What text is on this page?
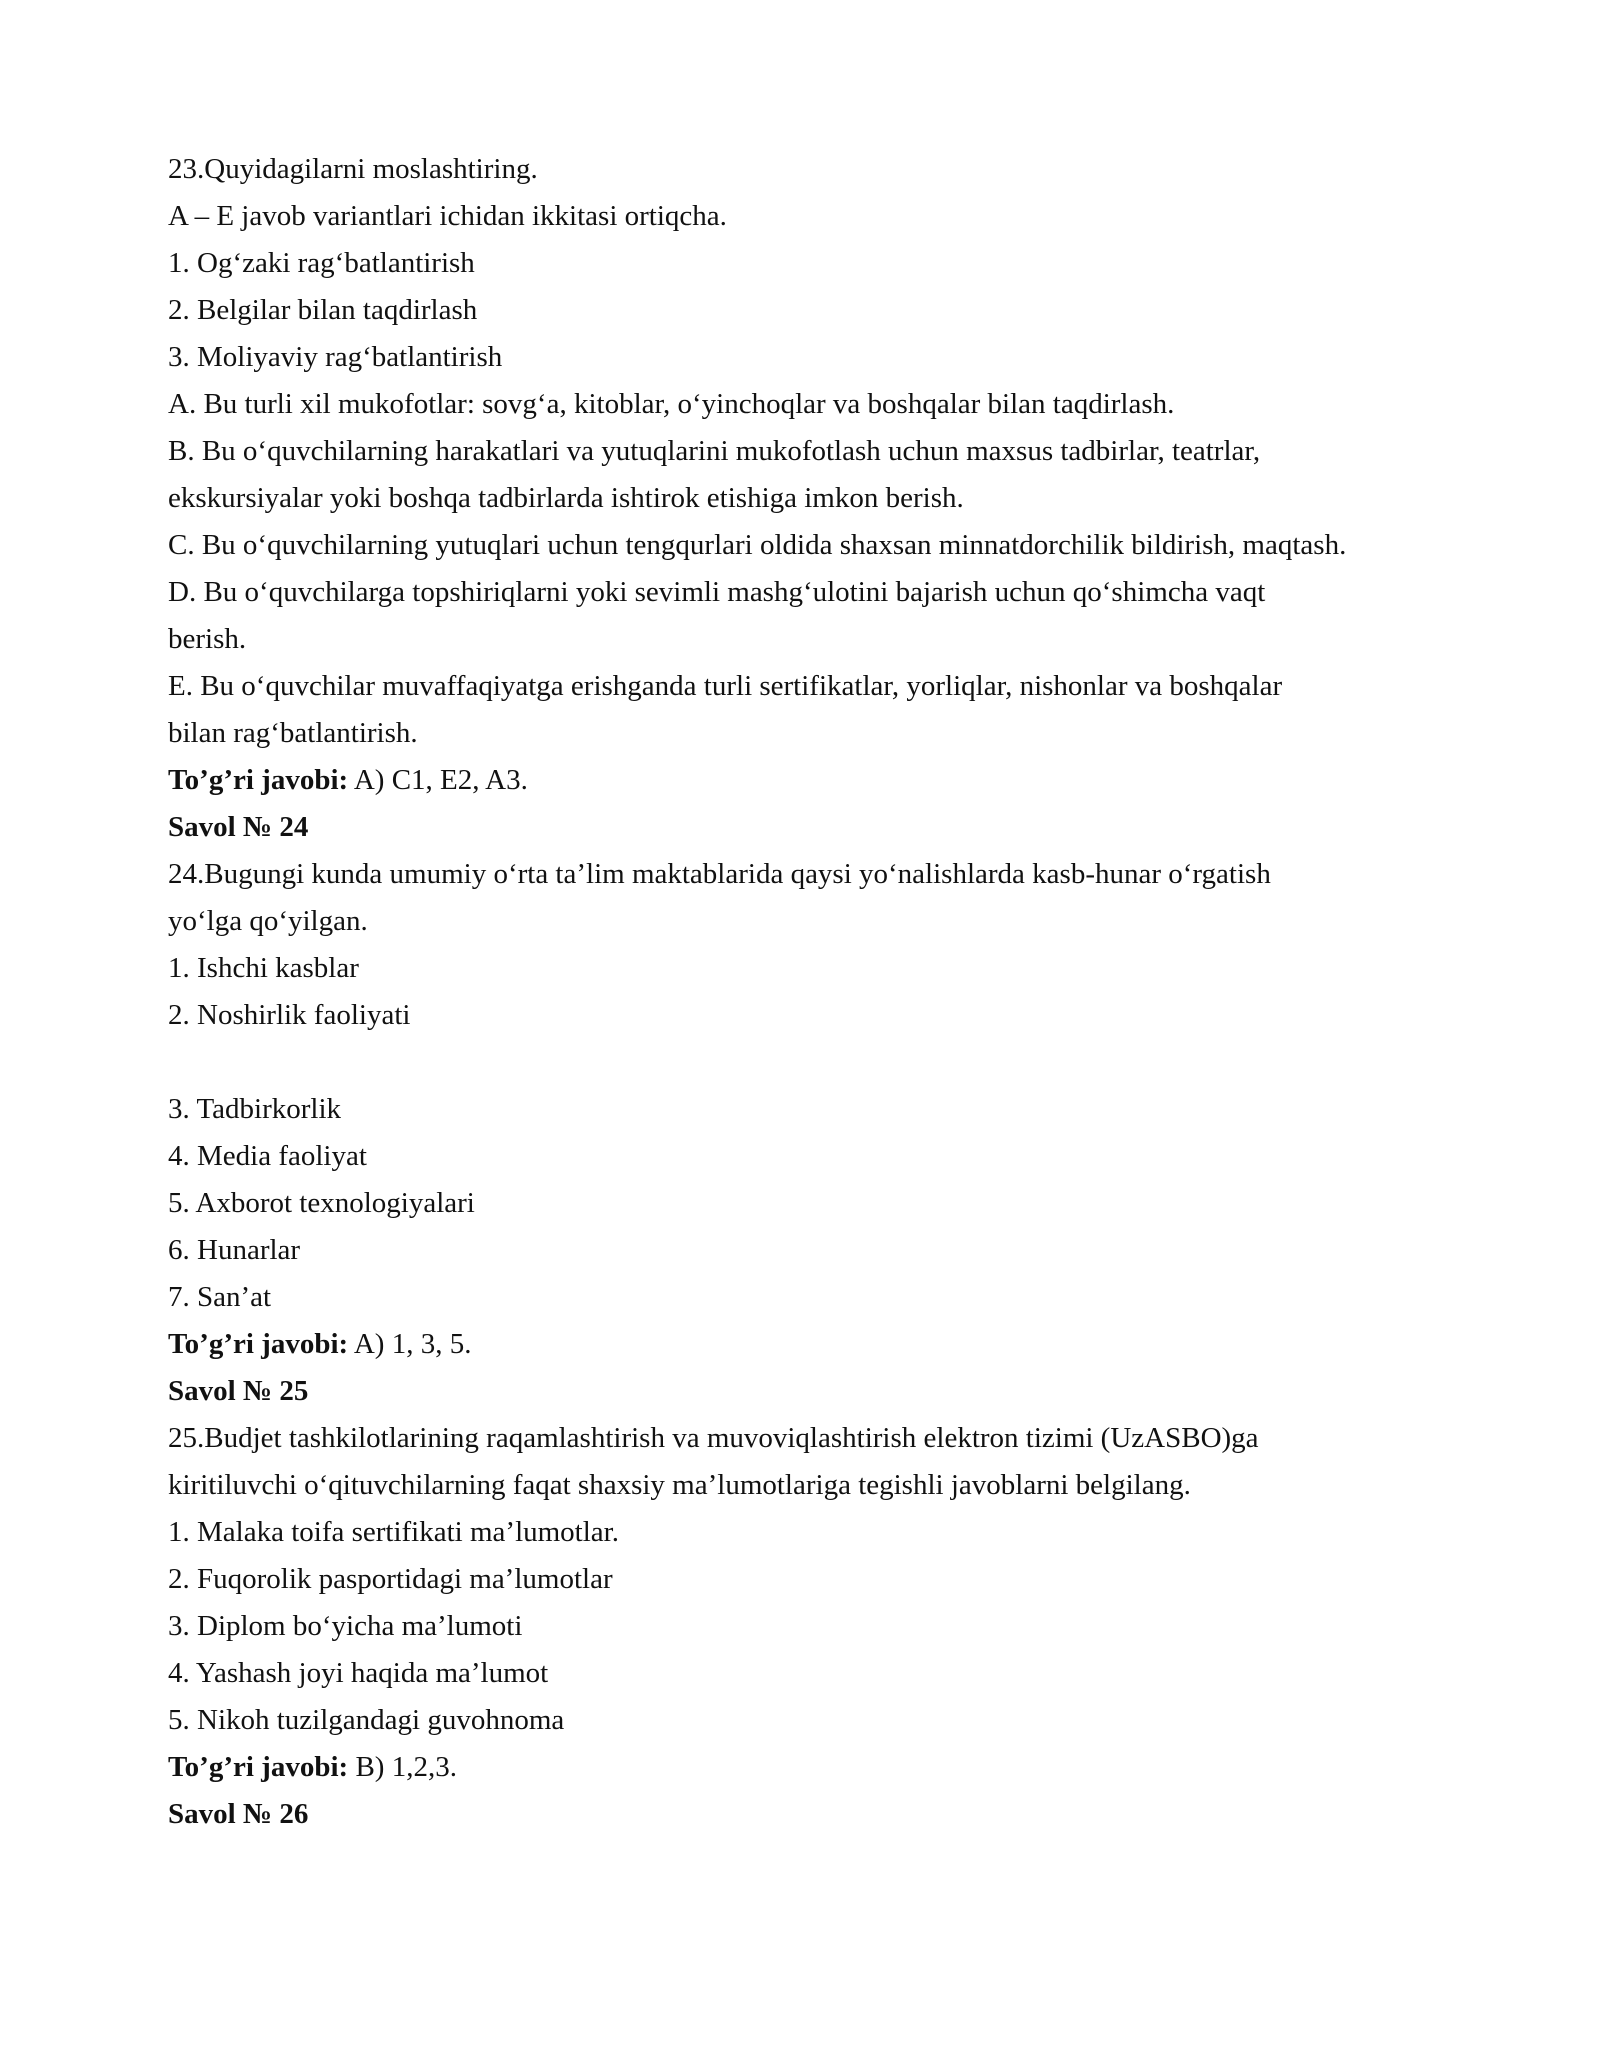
23.Quyidagilarni moslashtiring.
A – E javob variantlari ichidan ikkitasi ortiqcha.
1. Og‘zaki rag‘batlantirish
2. Belgilar bilan taqdirlash
3. Moliyaviy rag‘batlantirish
A. Bu turli xil mukofotlar: sovg‘a, kitoblar, o‘yinchoqlar va boshqalar bilan taqdirlash.
B. Bu o‘quvchilarning harakatlari va yutuqlarini mukofotlash uchun maxsus tadbirlar, teatrlar,
ekskursiyalar yoki boshqa tadbirlarda ishtirok etishiga imkon berish.
C. Bu o‘quvchilarning yutuqlari uchun tengqurlari oldida shaxsan minnatdorchilik bildirish, maqtash.
D. Bu o‘quvchilarga topshiriqlarni yoki sevimli mashg‘ulotini bajarish uchun qo‘shimcha vaqt
berish.
E. Bu o‘quvchilar muvaffaqiyatga erishganda turli sertifikatlar, yorliqlar, nishonlar va boshqalar
bilan rag‘batlantirish.
To’g’ri javobi: A) C1, E2, A3.
Savol № 24
24.Bugungi kunda umumiy o‘rta ta’lim maktablarida qaysi yo‘nalishlarda kasb-hunar o‘rgatish
yo‘lga qo‘yilgan.
1. Ishchi kasblar
2. Noshirlik faoliyati
3. Tadbirkorlik
4. Media faoliyat
5. Axborot texnologiyalari
6. Hunarlar
7. San’at
To’g’ri javobi: A) 1, 3, 5.
Savol № 25
25.Budjet tashkilotlarining raqamlashtirish va muvoviqlashtirish elektron tizimi (UzASBO)ga
kiritiluvchi o‘qituvchilarning faqat shaxsiy ma’lumotlariga tegishli javoblarni belgilang.
1. Malaka toifa sertifikati ma’lumotlar.
2. Fuqorolik pasportidagi ma’lumotlar
3. Diplom bo‘yicha ma’lumoti
4. Yashash joyi haqida ma’lumot
5. Nikoh tuzilgandagi guvohnoma
To’g’ri javobi: B) 1,2,3.
Savol № 26
